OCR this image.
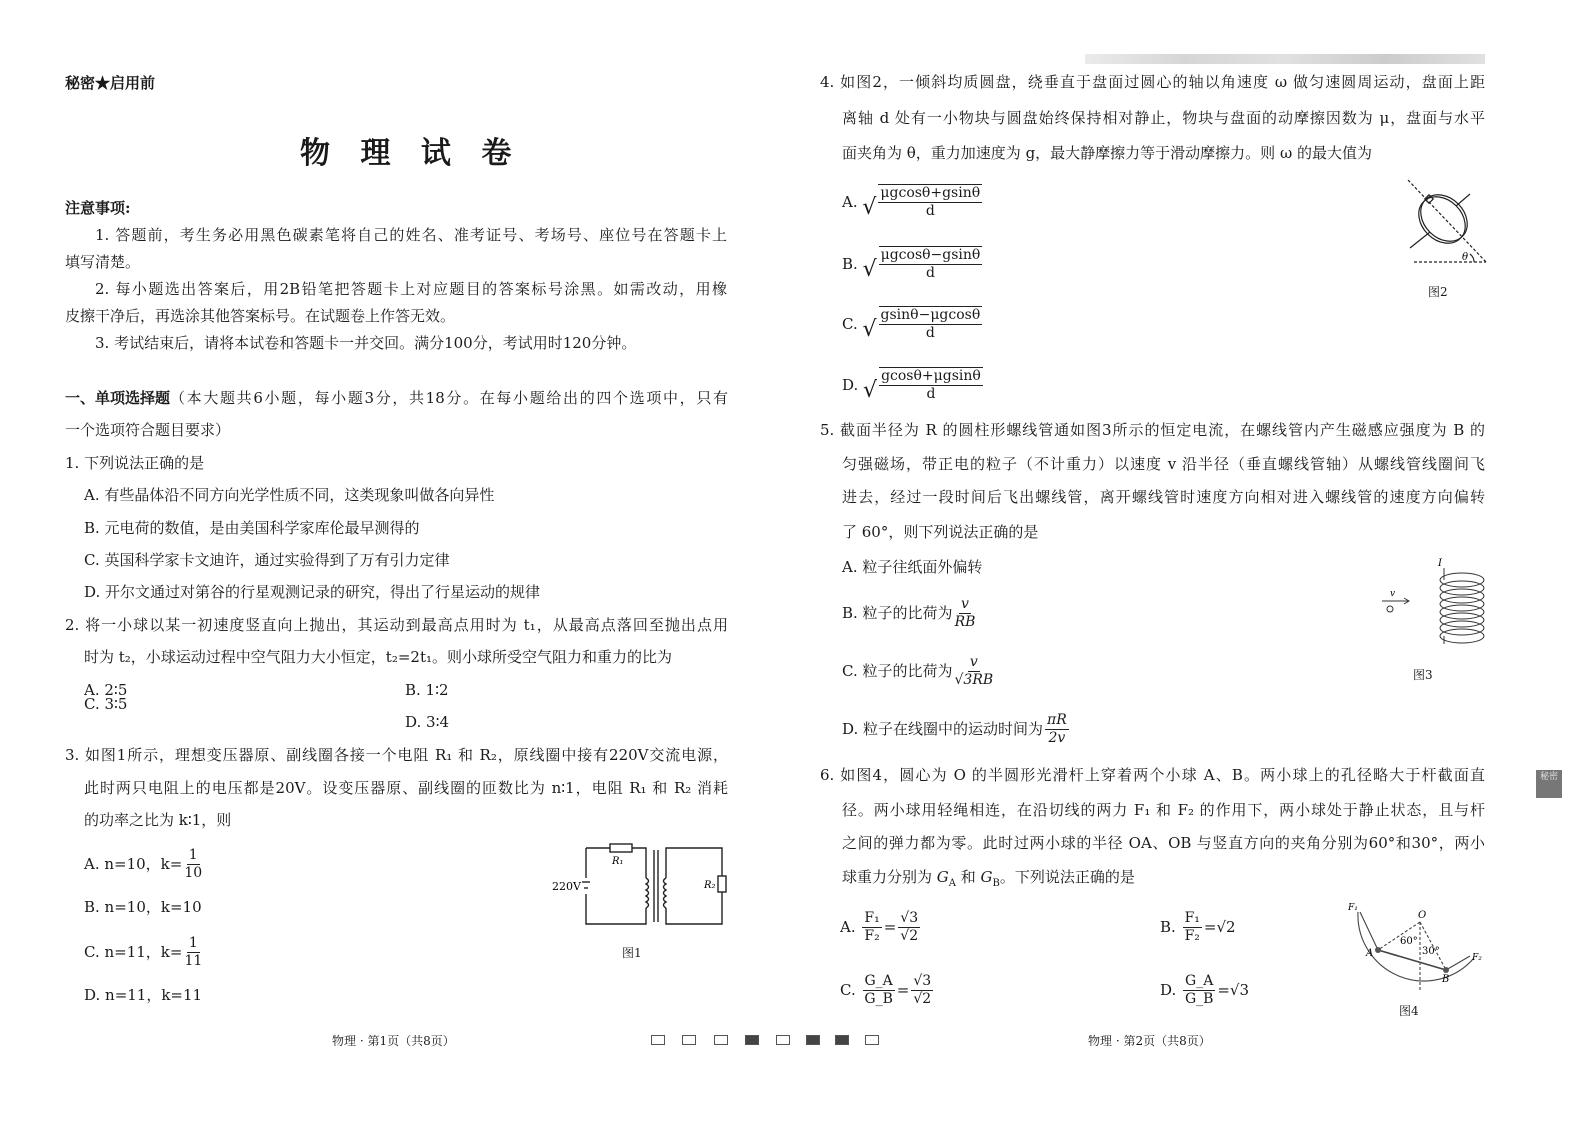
秘密★启用前
物 理 试 卷
注意事项:
1. 答题前，考生务必用黑色碳素笔将自己的姓名、准考证号、考场号、座位号在答题卡上
填写清楚。
2. 每小题选出答案后，用2B铅笔把答题卡上对应题目的答案标号涂黑。如需改动，用橡
皮擦干净后，再选涂其他答案标号。在试题卷上作答无效。
3. 考试结束后，请将本试卷和答题卡一并交回。满分100分，考试用时120分钟。
一、单项选择题 （本大题共6小题，每小题3分，共18分。在每小题给出的四个选项中，只有
一个选项符合题目要求）
1. 下列说法正确的是
A. 有些晶体沿不同方向光学性质不同，这类现象叫做各向异性
B. 元电荷的数值，是由美国科学家库伦最早测得的
C. 英国科学家卡文迪许，通过实验得到了万有引力定律
D. 开尔文通过对第谷的行星观测记录的研究，得出了行星运动的规律
2. 将一小球以某一初速度竖直向上抛出，其运动到最高点用时为 t₁，从最高点落回至抛出点用
时为 t₂，小球运动过程中空气阻力大小恒定，t₂=2t₁。则小球所受空气阻力和重力的比为
A. 2∶5	B. 1∶2
C. 3∶5
D. 3∶4
3. 如图1所示，理想变压器原、副线圈各接一个电阻 R₁ 和 R₂，原线圈中接有220V交流电源，
此时两只电阻上的电压都是20V。设变压器原、副线圈的匝数比为 n∶1，电阻 R₁ 和 R₂ 消耗
的功率之比为 k∶1，则
A. n=10，$k= \frac{1}{10}$
B. n=10，k=10
C. n=11，$k= \frac{1}{11}$
D. n=11，k=11
220V
R₁
R₂
图1
物理 · 第1页（共8页）
4. 如图2，一倾斜均质圆盘，绕垂直于盘面过圆心的轴以角速度 ω 做匀速圆周运动，盘面上距
离轴 d 处有一小物块与圆盘始终保持相对静止，物块与盘面的动摩擦因数为 μ，盘面与水平
面夹角为 θ，重力加速度为 g，最大静摩擦力等于滑动摩擦力。则 ω 的最大值为
A.
√ $\frac{\mu gcos\theta+gsin\theta}{d}$
B.
√ $\frac{\mu gcos\theta-gsin\theta}{d}$
C.
√ $\frac{gsin\theta-\mu gcos\theta}{d}$
D.
√ $\frac{gcos\theta+\mu gsin\theta}{d}$
θ
图2
5. 截面半径为 R 的圆柱形螺线管通如图3所示的恒定电流，在螺线管内产生磁感应强度为 B 的
匀强磁场，带正电的粒子（不计重力）以速度 v 沿半径（垂直螺线管轴）从螺线管线圈间飞
进去，经过一段时间后飞出螺线管，离开螺线管时速度方向相对进入螺线管的速度方向偏转
了 60°，则下列说法正确的是
A. 粒子往纸面外偏转
B. 粒子的比荷为 $\frac{v}{RB}$
C. 粒子的比荷为 $\frac{v}{√3RB}$
D. 粒子在线圈中的运动时间为 $\frac{\pi R}{2v}$
I
v
图3
6. 如图4，圆心为 O 的半圆形光滑杆上穿着两个小球 A、B。两小球上的孔径略大于杆截面直
径。两小球用轻绳相连，在沿切线的两力 F₁ 和 F₂ 的作用下，两小球处于静止状态，且与杆
之间的弹力都为零。此时过两小球的半径 OA、OB 与竖直方向的夹角分别为60°和30°，两小
球重力分别为 $G_A$ 和 $G_B$。下列说法正确的是
A.
$\frac{\text{F₁}}{\text{F₂}} = \frac{√3}{√2}$	B.
$\frac{\text{F₁}}{\text{F₂}} =√2$
C.
$\frac{G\_A}{G\_B} = \frac{√3}{√2}$	D.
$\frac{G\_A}{G\_B} =√3$
O
A
B
F₁
F₂
60°
30°
图4
物理 · 第2页（共8页）
秘密
